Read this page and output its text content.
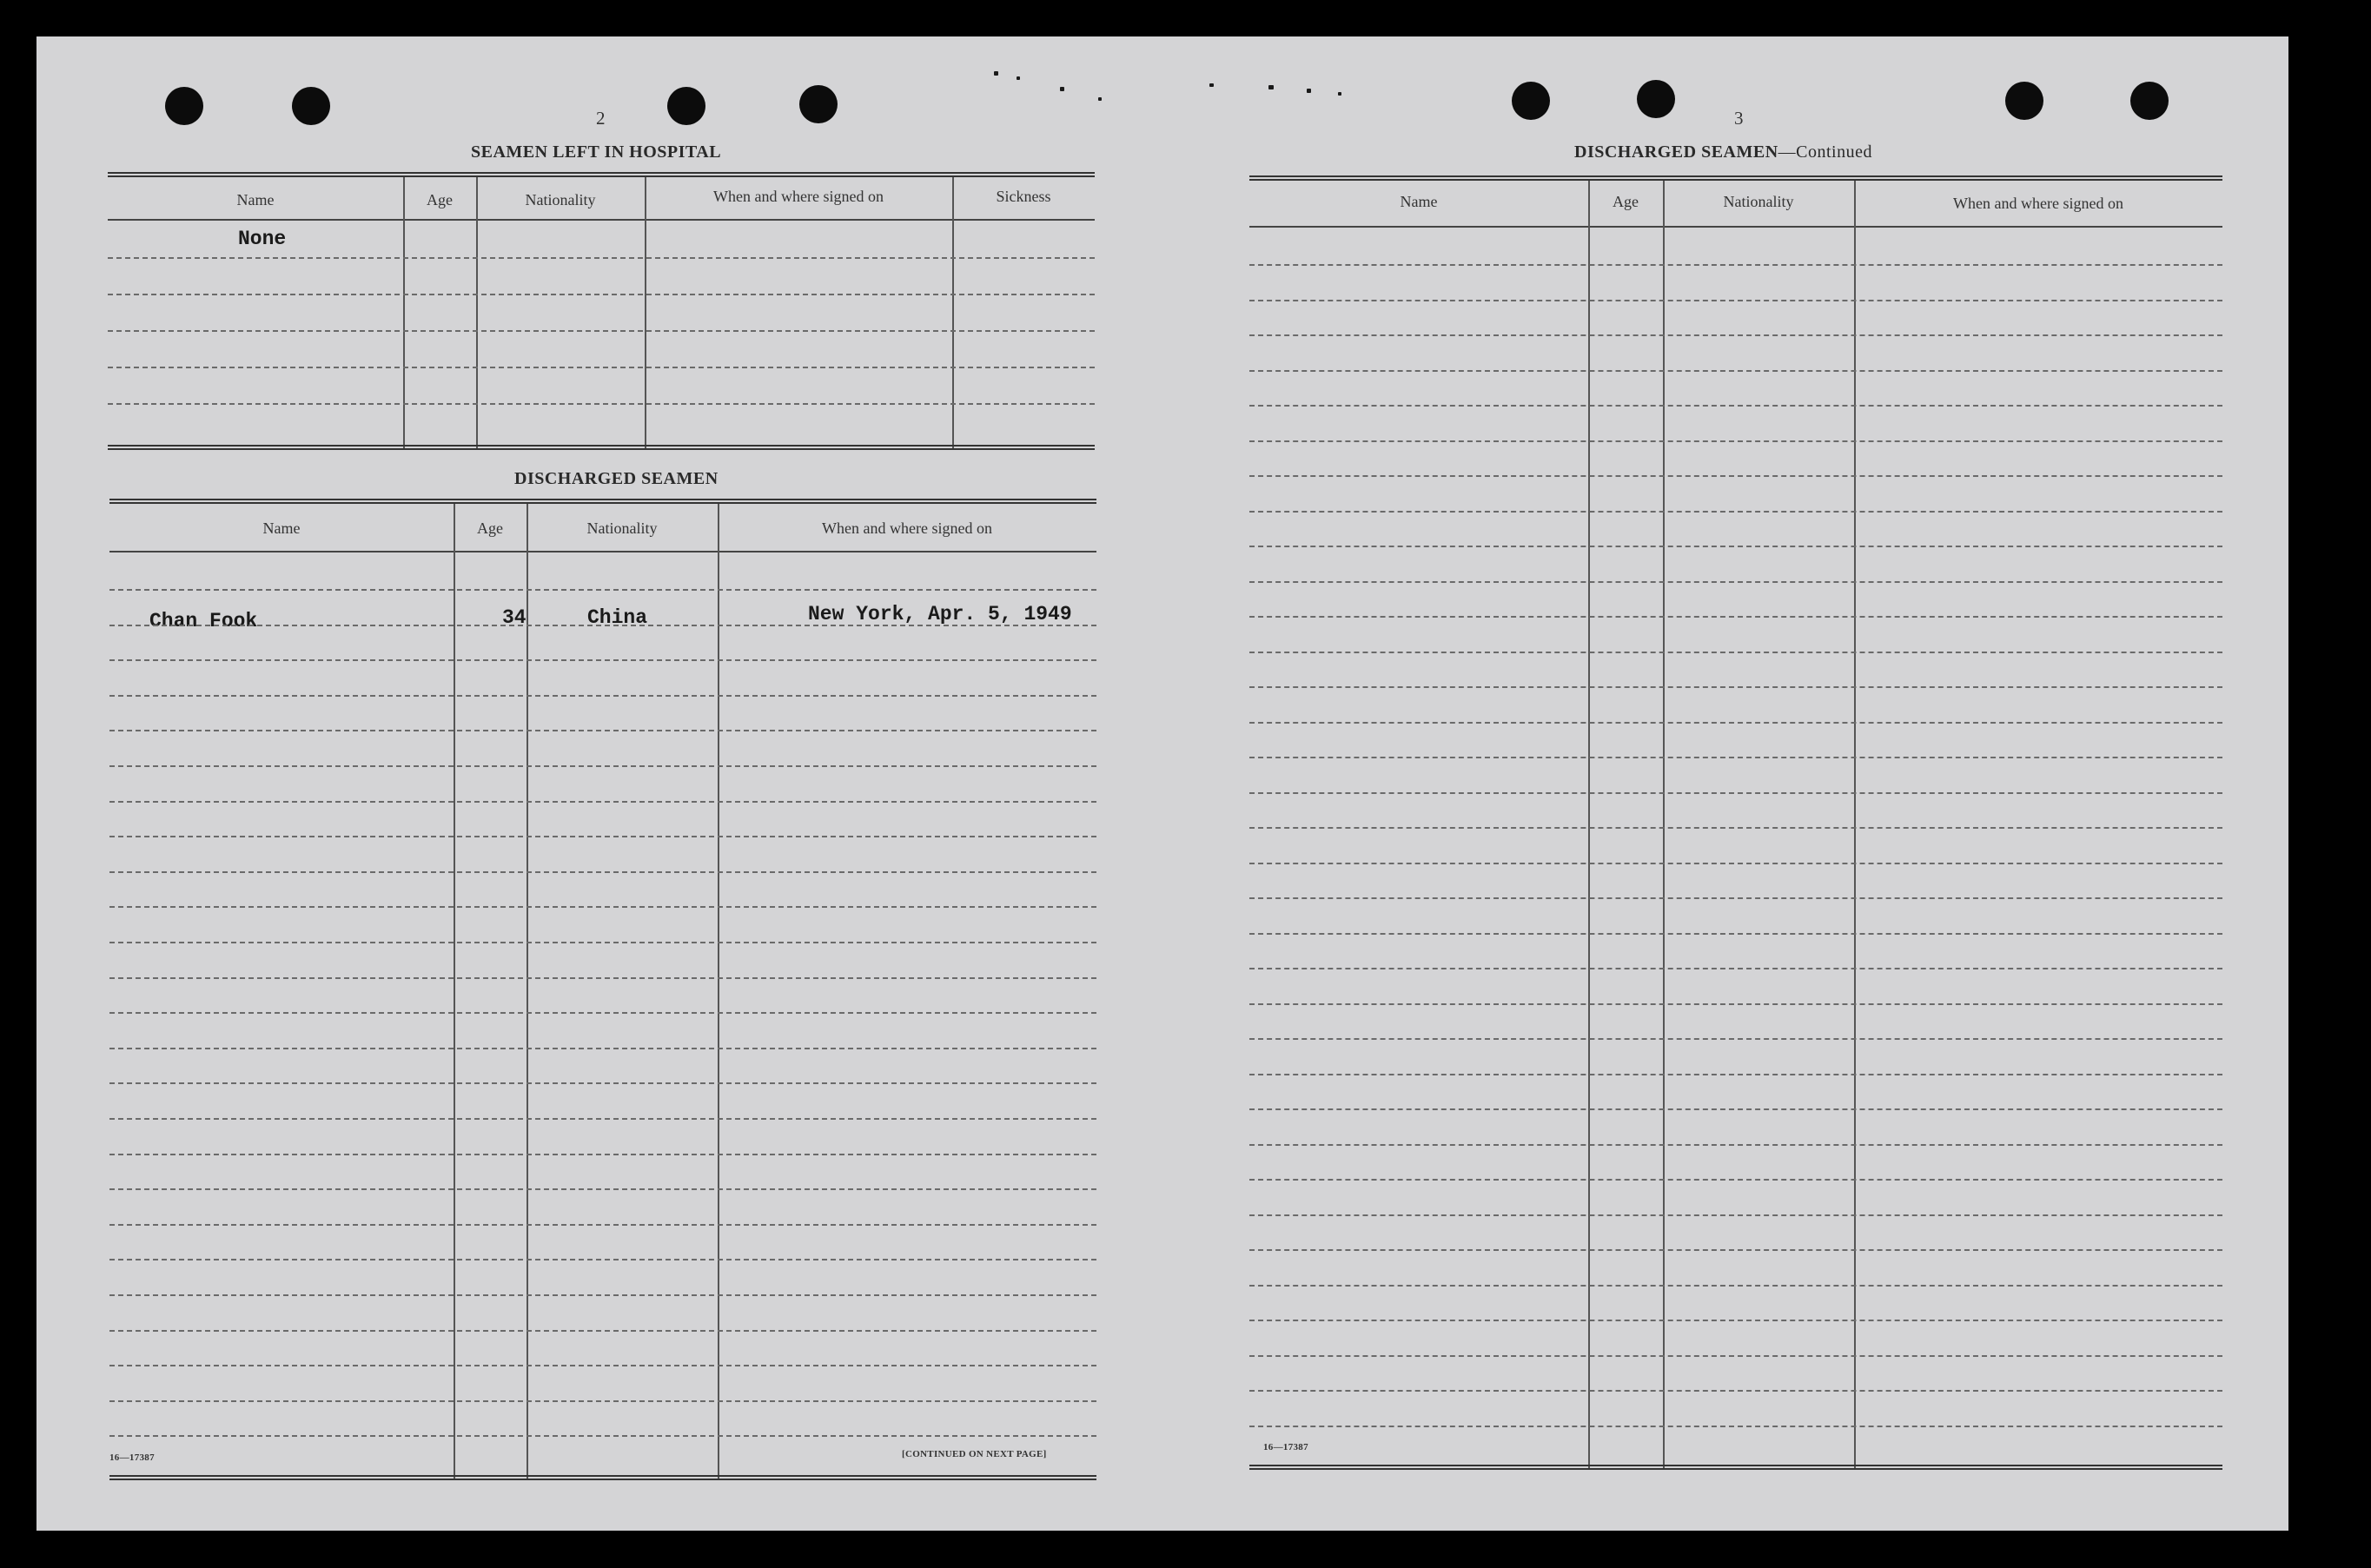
2
SEAMEN LEFT IN HOSPITAL
Name	Age	Nationality	When and where signed on	Sickness
None
DISCHARGED SEAMEN
Name	Age	Nationality	When and where signed on
Chan Fook	34	China	New York, Apr. 5, 1949
16—17387	[CONTINUED ON NEXT PAGE]
3
DISCHARGED SEAMEN—Continued
Name	Age	Nationality	When and where signed on
16—17387
